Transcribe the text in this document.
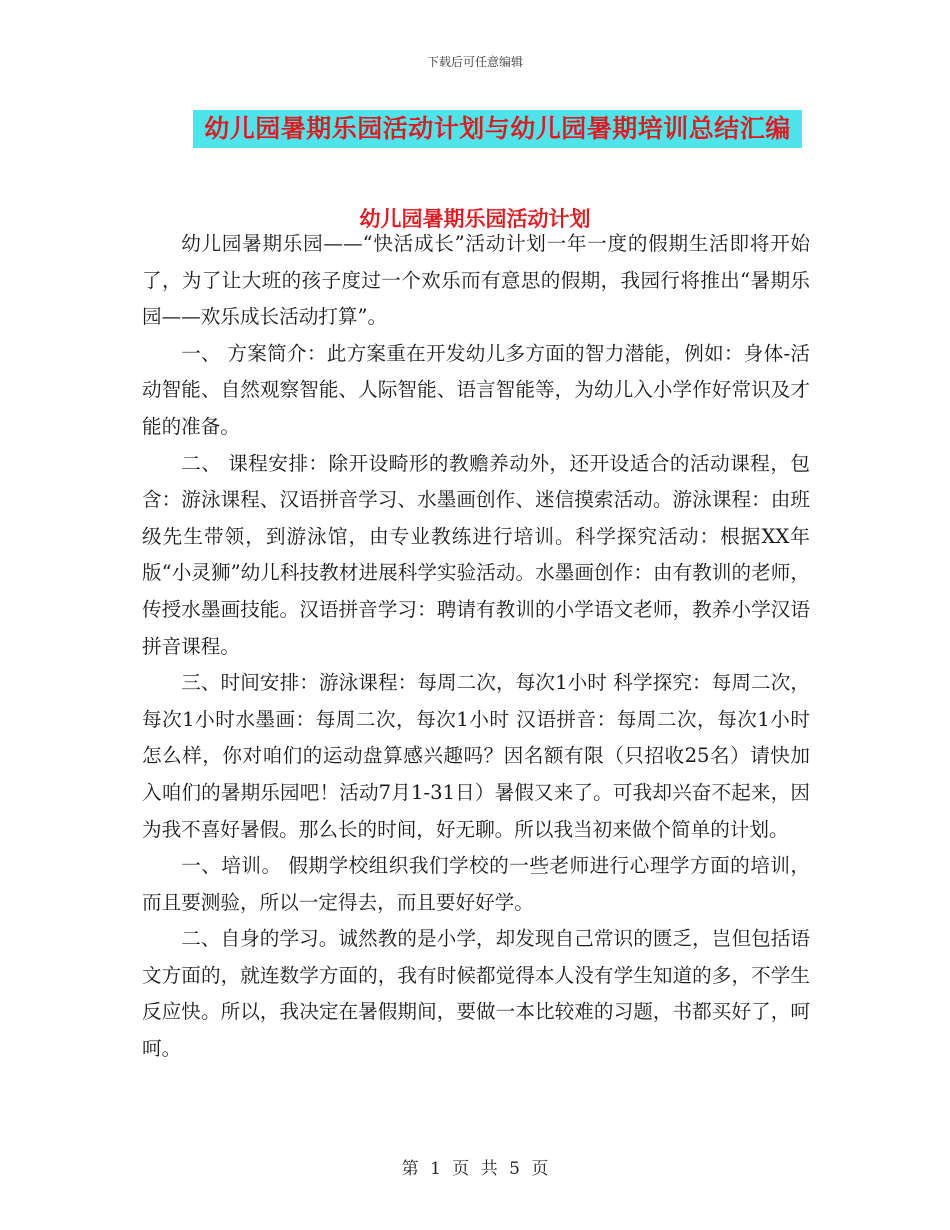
下载后可任意编辑
幼儿园暑期乐园活动计划与幼儿园暑期培训总结汇编
幼儿园暑期乐园活动计划

幼儿园暑期乐园——“快活成长”活动计划一年一度的假期生活即将开始了，为了让大班的孩子度过一个欢乐而有意思的假期，我园行将推出“暑期乐园——欢乐成长活动打算”。

一、 方案简介：此方案重在开发幼儿多方面的智力潜能，例如：身体-活动智能、自然观察智能、人际智能、语言智能等，为幼儿入小学作好常识及才能的准备。

二、 课程安排：除开设畸形的教赡养动外，还开设适合的活动课程，包含：游泳课程、汉语拼音学习、水墨画创作、迷信摸索活动。游泳课程：由班级先生带领，到游泳馆，由专业教练进行培训。科学探究活动：根据XX年版“小灵狮”幼儿科技教材进展科学实验活动。水墨画创作：由有教训的老师，传授水墨画技能。汉语拼音学习：聘请有教训的小学语文老师，教养小学汉语拼音课程。

三、时间安排：游泳课程：每周二次，每次1小时 科学探究：每周二次，每次1小时水墨画：每周二次，每次1小时 汉语拼音：每周二次，每次1小时怎么样，你对咱们的运动盘算感兴趣吗？因名额有限（只招收25名）请快加入咱们的暑期乐园吧！活动7月1-31日）暑假又来了。可我却兴奋不起来，因为我不喜好暑假。那么长的时间，好无聊。所以我当初来做个简单的计划。

一、培训。 假期学校组织我们学校的一些老师进行心理学方面的培训，而且要测验，所以一定得去，而且要好好学。

二、自身的学习。诚然教的是小学，却发现自己常识的匮乏，岂但包括语文方面的，就连数学方面的，我有时候都觉得本人没有学生知道的多，不学生反应快。所以，我决定在暑假期间，要做一本比较难的习题，书都买好了，呵呵。

第 1 页 共 5 页
